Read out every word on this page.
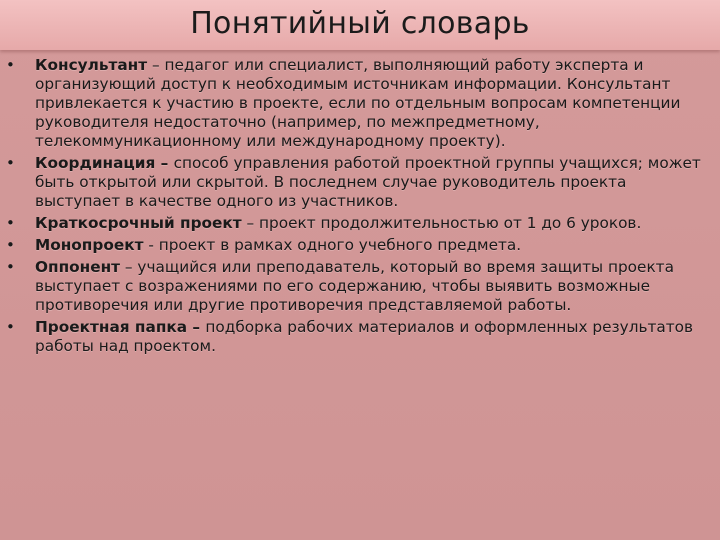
Понятийный словарь
• Консультант – педагог или специалист, выполняющий работу эксперта и организующий доступ к необходимым источникам информации. Консультант привлекается к участию в проекте, если по отдельным вопросам компетенции руководителя недостаточно (например, по межпредметному, телекоммуникационному или международному проекту).
• Координация – способ управления работой проектной группы учащихся; может быть открытой или скрытой. В последнем случае руководитель проекта выступает в качестве одного из участников.
• Краткосрочный проект – проект продолжительностью от 1 до 6 уроков.
• Монопроект - проект в рамках одного учебного предмета.
• Оппонент – учащийся или преподаватель, который во время защиты проекта выступает с возражениями по его содержанию, чтобы выявить возможные противоречия или другие противоречия представляемой работы.
• Проектная папка – подборка рабочих материалов и оформленных результатов работы над проектом.
